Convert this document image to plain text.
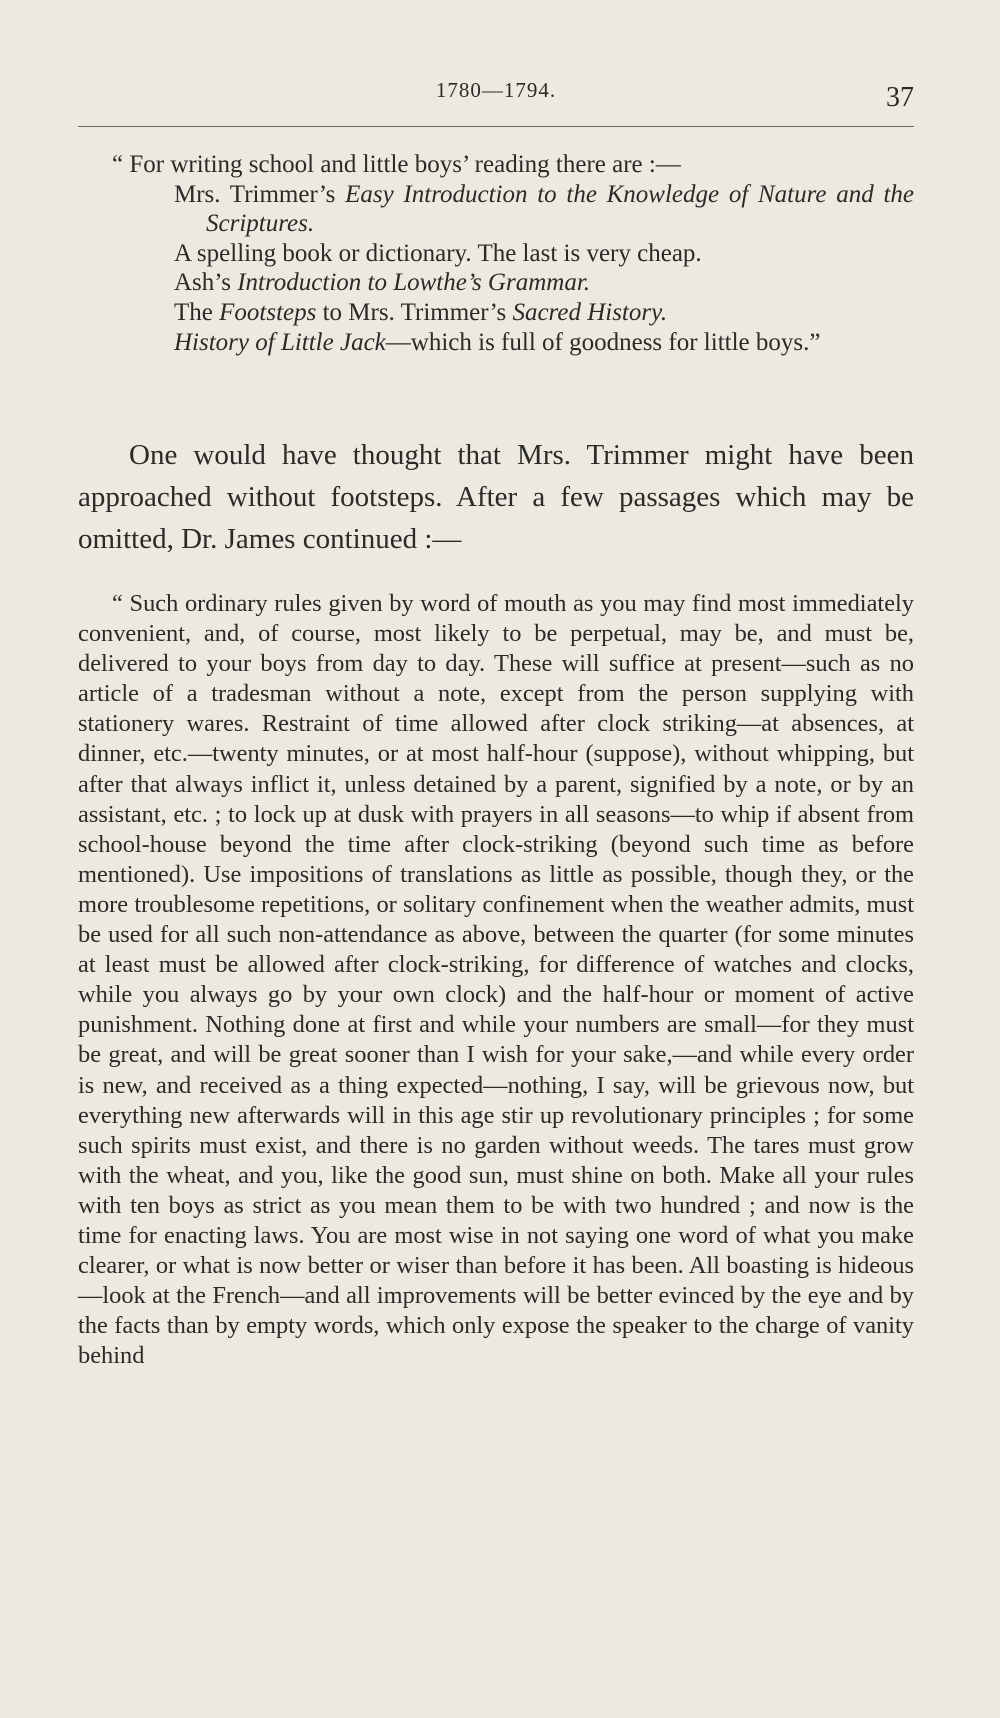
1780—1794.	37

“ For writing school and little boys’ reading there are :—

Mrs. Trimmer’s Easy Introduction to the Knowledge of Nature and the Scriptures.

A spelling book or dictionary. The last is very cheap.

Ash’s Introduction to Lowthe’s Grammar.

The Footsteps to Mrs. Trimmer’s Sacred History.

History of Little Jack—which is full of goodness for little boys.”

One would have thought that Mrs. Trimmer might have been approached without footsteps. After a few passages which may be omitted, Dr. James continued :—

“ Such ordinary rules given by word of mouth as you may find most immediately convenient, and, of course, most likely to be perpetual, may be, and must be, delivered to your boys from day to day. These will suffice at present—such as no article of a tradesman without a note, except from the person supplying with stationery wares. Restraint of time allowed after clock striking—at absences, at dinner, etc.—twenty minutes, or at most half-hour (suppose), without whipping, but after that always inflict it, unless detained by a parent, signified by a note, or by an assistant, etc. ; to lock up at dusk with prayers in all seasons—to whip if absent from school-house beyond the time after clock-striking (beyond such time as before mentioned). Use impositions of translations as little as possible, though they, or the more troublesome repetitions, or solitary confinement when the weather admits, must be used for all such non-attendance as above, between the quarter (for some minutes at least must be allowed after clock-striking, for difference of watches and clocks, while you always go by your own clock) and the half-hour or moment of active punishment. Nothing done at first and while your numbers are small—for they must be great, and will be great sooner than I wish for your sake,—and while every order is new, and received as a thing expected—nothing, I say, will be grievous now, but everything new afterwards will in this age stir up revolutionary principles ; for some such spirits must exist, and there is no garden without weeds. The tares must grow with the wheat, and you, like the good sun, must shine on both. Make all your rules with ten boys as strict as you mean them to be with two hundred ; and now is the time for enacting laws. You are most wise in not saying one word of what you make clearer, or what is now better or wiser than before it has been. All boasting is hideous—look at the French—and all improvements will be better evinced by the eye and by the facts than by empty words, which only expose the speaker to the charge of vanity behind
